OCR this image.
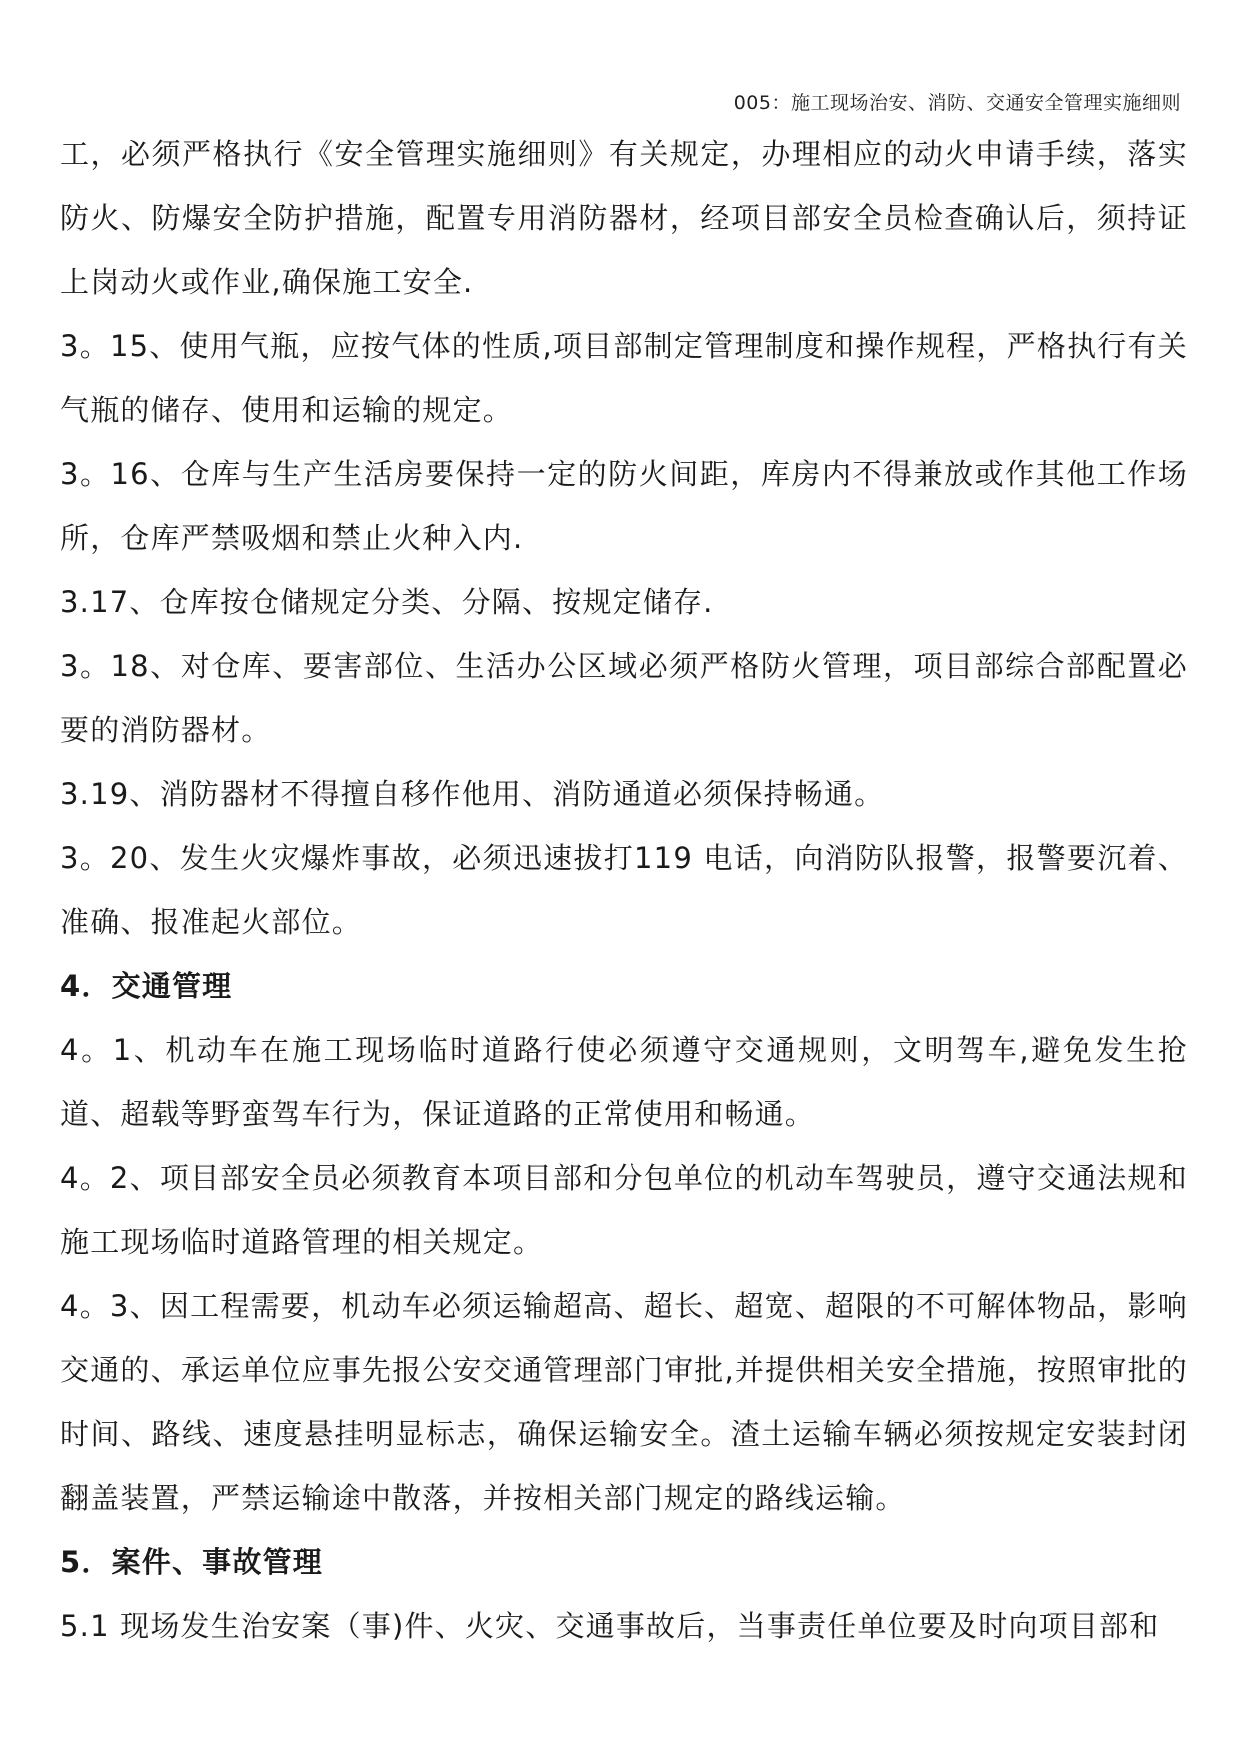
005：施工现场治安、消防、交通安全管理实施细则

工，必须严格执行《安全管理实施细则》有关规定，办理相应的动火申请手续，落实防火、防爆安全防护措施，配置专用消防器材，经项目部安全员检查确认后，须持证上岗动火或作业,确保施工安全.

3。15、使用气瓶，应按气体的性质,项目部制定管理制度和操作规程，严格执行有关气瓶的储存、使用和运输的规定。

3。16、仓库与生产生活房要保持一定的防火间距，库房内不得兼放或作其他工作场所，仓库严禁吸烟和禁止火种入内.

3.17、仓库按仓储规定分类、分隔、按规定储存.

3。18、对仓库、要害部位、生活办公区域必须严格防火管理，项目部综合部配置必要的消防器材。

3.19、消防器材不得擅自移作他用、消防通道必须保持畅通。

3。20、发生火灾爆炸事故，必须迅速拔打119 电话，向消防队报警，报警要沉着、准确、报准起火部位。

4．交通管理

4。1、机动车在施工现场临时道路行使必须遵守交通规则，文明驾车,避免发生抢道、超载等野蛮驾车行为，保证道路的正常使用和畅通。

4。2、项目部安全员必须教育本项目部和分包单位的机动车驾驶员，遵守交通法规和施工现场临时道路管理的相关规定。

4。3、因工程需要，机动车必须运输超高、超长、超宽、超限的不可解体物品，影响交通的、承运单位应事先报公安交通管理部门审批,并提供相关安全措施，按照审批的时间、路线、速度悬挂明显标志，确保运输安全。渣土运输车辆必须按规定安装封闭翻盖装置，严禁运输途中散落，并按相关部门规定的路线运输。

5．案件、事故管理

5.1 现场发生治安案（事)件、火灾、交通事故后，当事责任单位要及时向项目部和
